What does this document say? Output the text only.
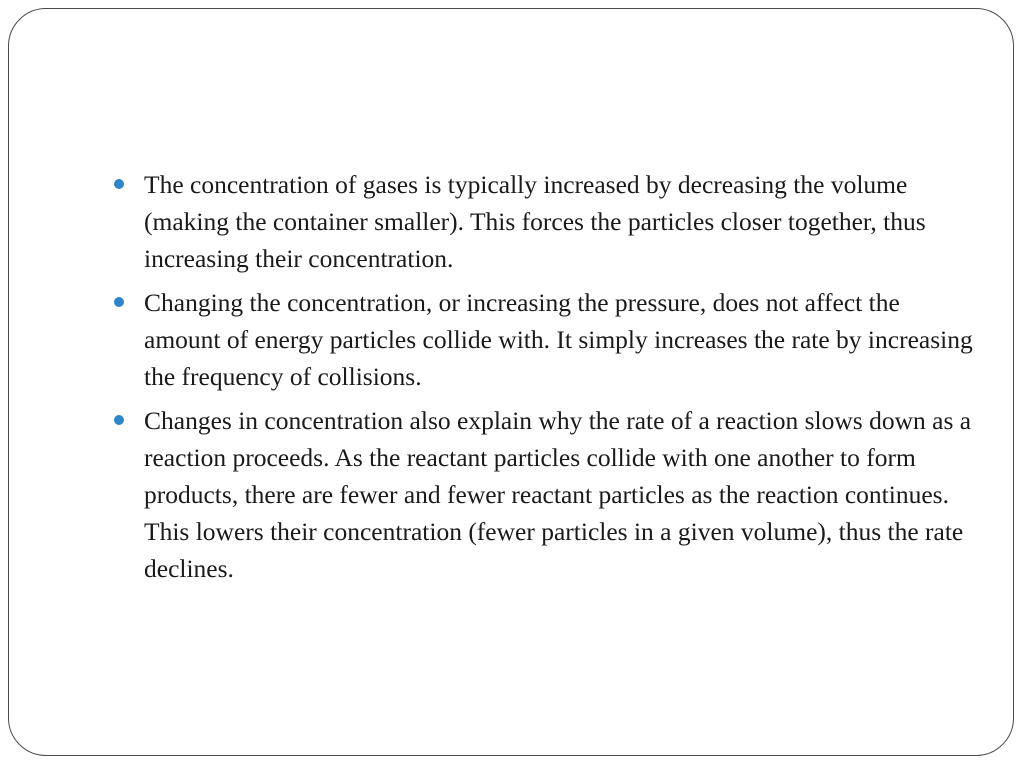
The concentration of gases is typically increased by decreasing the volume (making the container smaller). This forces the particles closer together, thus increasing their concentration.
Changing the concentration, or increasing the pressure, does not affect the amount of energy particles collide with. It simply increases the rate by increasing the frequency of collisions.
Changes in concentration also explain why the rate of a reaction slows down as a reaction proceeds. As the reactant particles collide with one another to form products, there are fewer and fewer reactant particles as the reaction continues. This lowers their concentration (fewer particles in a given volume), thus the rate declines.
